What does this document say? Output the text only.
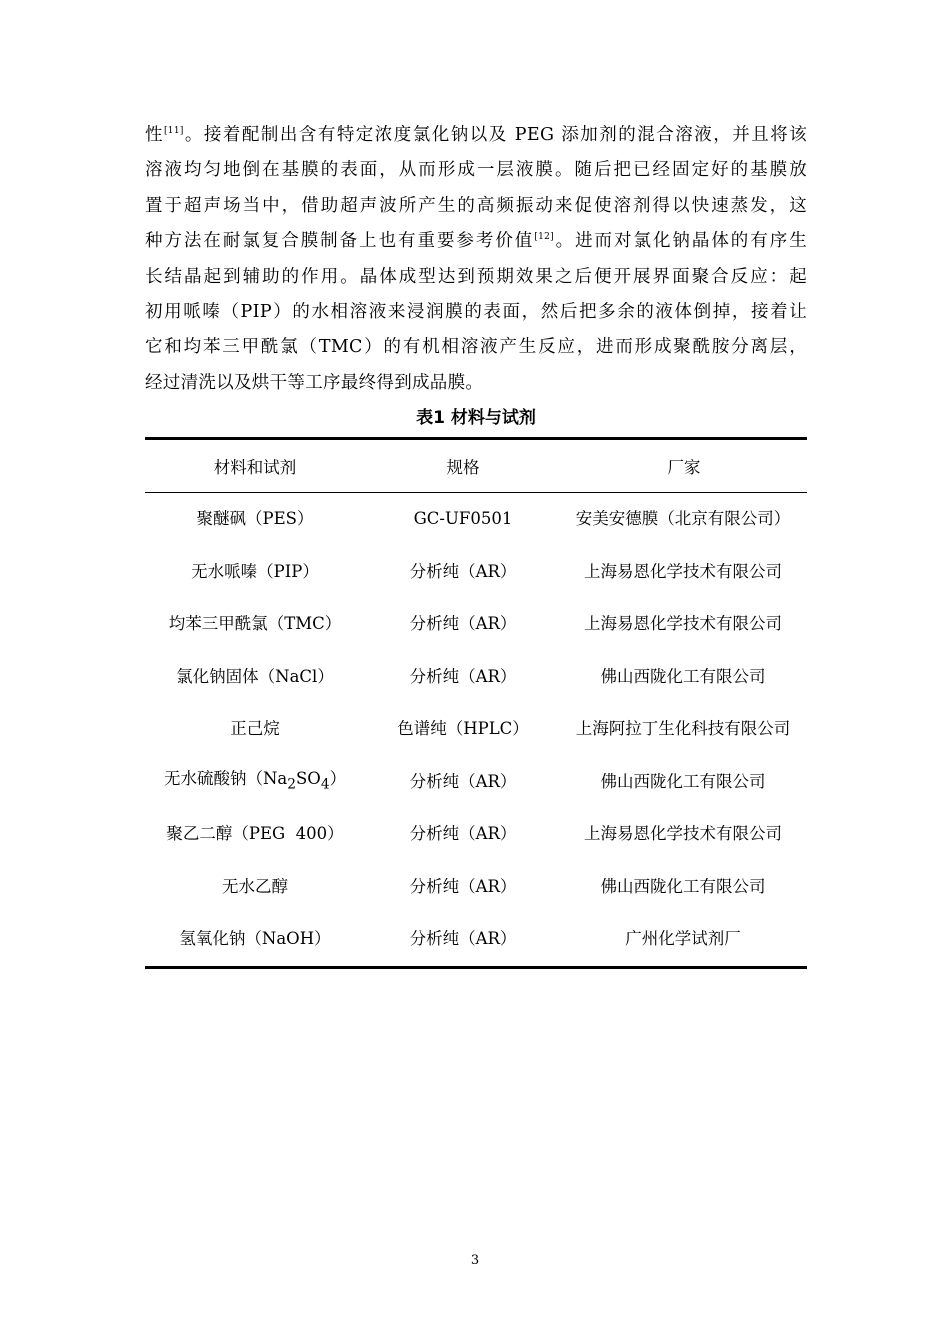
性[11]。接着配制出含有特定浓度氯化钠以及 PEG 添加剂的混合溶液，并且将该
溶液均匀地倒在基膜的表面，从而形成一层液膜。随后把已经固定好的基膜放
置于超声场当中，借助超声波所产生的高频振动来促使溶剂得以快速蒸发，这
种方法在耐氯复合膜制备上也有重要参考价值[12]。进而对氯化钠晶体的有序生
长结晶起到辅助的作用。晶体成型达到预期效果之后便开展界面聚合反应：起
初用哌嗪（PIP）的水相溶液来浸润膜的表面，然后把多余的液体倒掉，接着让
它和均苯三甲酰氯（TMC）的有机相溶液产生反应，进而形成聚酰胺分离层，
经过清洗以及烘干等工序最终得到成品膜。
表1 材料与试剂
材料和试剂	规格	厂家
聚醚砜（PES）	GC-UF0501	安美安德膜（北京有限公司）
无水哌嗪（PIP）	分析纯（AR）	上海易恩化学技术有限公司
均苯三甲酰氯（TMC）	分析纯（AR）	上海易恩化学技术有限公司
氯化钠固体（NaCl）	分析纯（AR）	佛山西陇化工有限公司
正己烷	色谱纯（HPLC）	上海阿拉丁生化科技有限公司
无水硫酸钠$(Na_2SO_4)$	分析纯（AR）	佛山西陇化工有限公司
聚乙二醇（PEG  400）	分析纯（AR）	上海易恩化学技术有限公司
无水乙醇	分析纯（AR）	佛山西陇化工有限公司
氢氧化钠（NaOH）	分析纯（AR）	广州化学试剂厂
3
